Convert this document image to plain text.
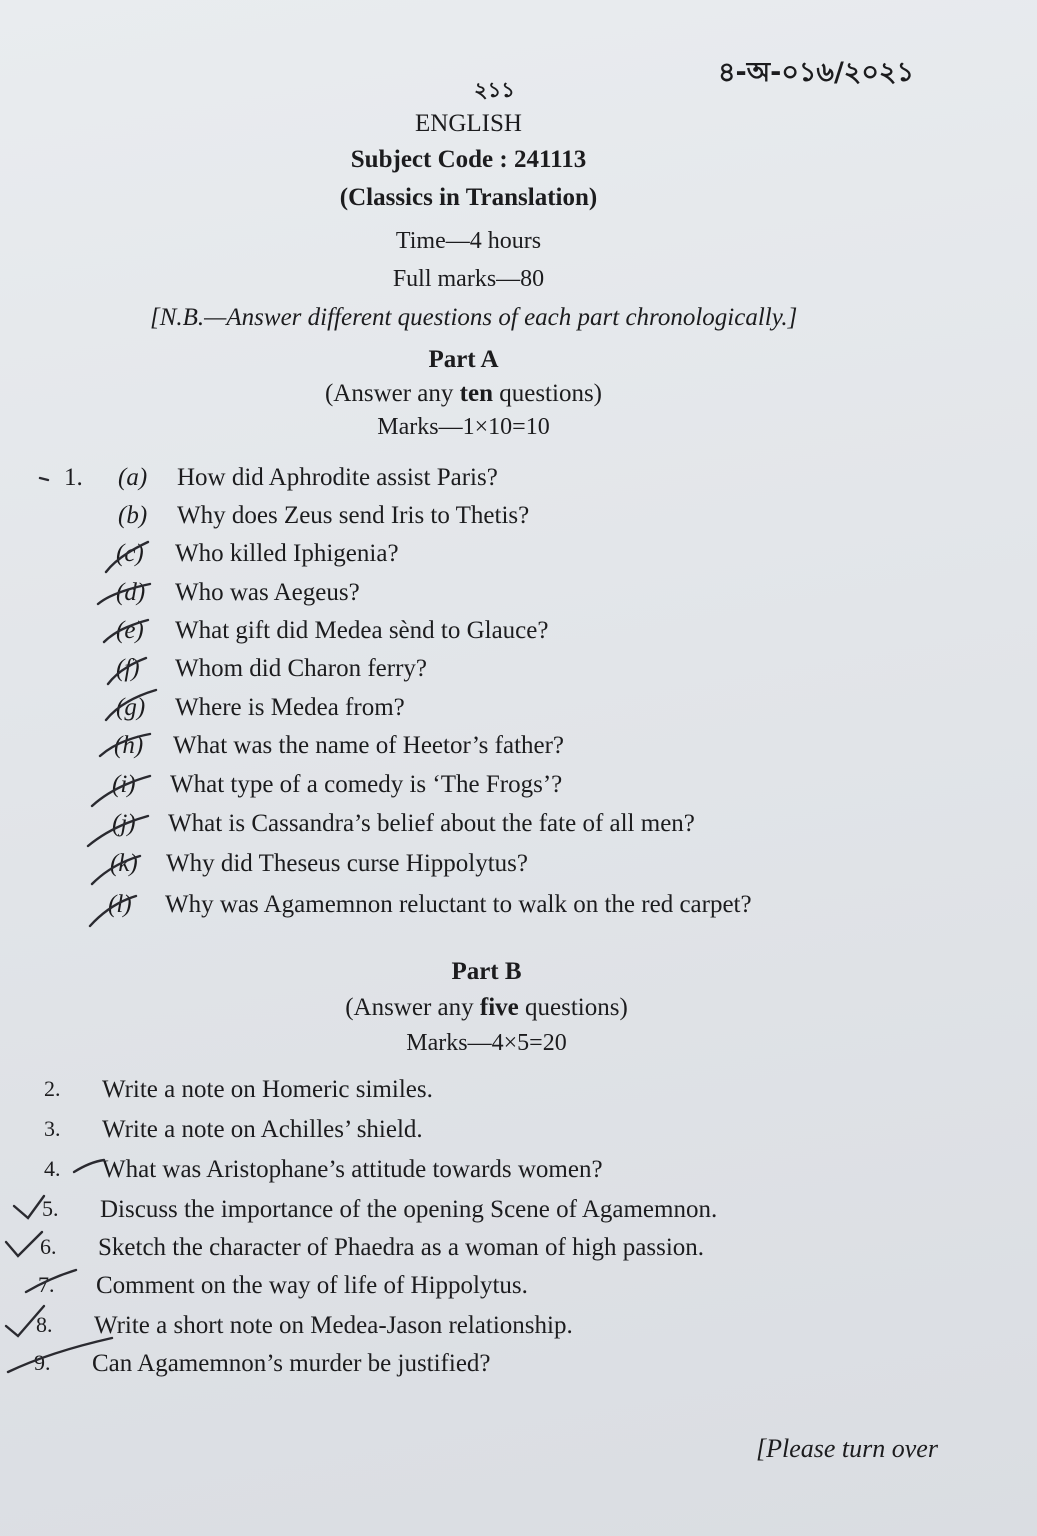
২১১
৪-অ-০১৬/২০২১
ENGLISH
Subject Code : 241113
(Classics in Translation)
Time—4 hours
Full marks—80
[N.B.—Answer different questions of each part chronologically.]
Part A
(Answer any ten questions)
Marks—1×10=10
1. (a) How did Aphrodite assist Paris?
(b) Why does Zeus send Iris to Thetis?
(c) Who killed Iphigenia?
(d) Who was Aegeus?
(e) What gift did Medea sènd to Glauce?
(f) Whom did Charon ferry?
(g) Where is Medea from?
(h) What was the name of Heetor’s father?
(i) What type of a comedy is ‘The Frogs’?
(j) What is Cassandra’s belief about the fate of all men?
(k) Why did Theseus curse Hippolytus?
(l) Why was Agamemnon reluctant to walk on the red carpet?
Part B
(Answer any five questions)
Marks—4×5=20
2. Write a note on Homeric similes.
3. Write a note on Achilles’ shield.
4. What was Aristophane’s attitude towards women?
5. Discuss the importance of the opening Scene of Agamemnon.
6. Sketch the character of Phaedra as a woman of high passion.
7. Comment on the way of life of Hippolytus.
8. Write a short note on Medea-Jason relationship.
9. Can Agamemnon’s murder be justified?
[Please turn over
